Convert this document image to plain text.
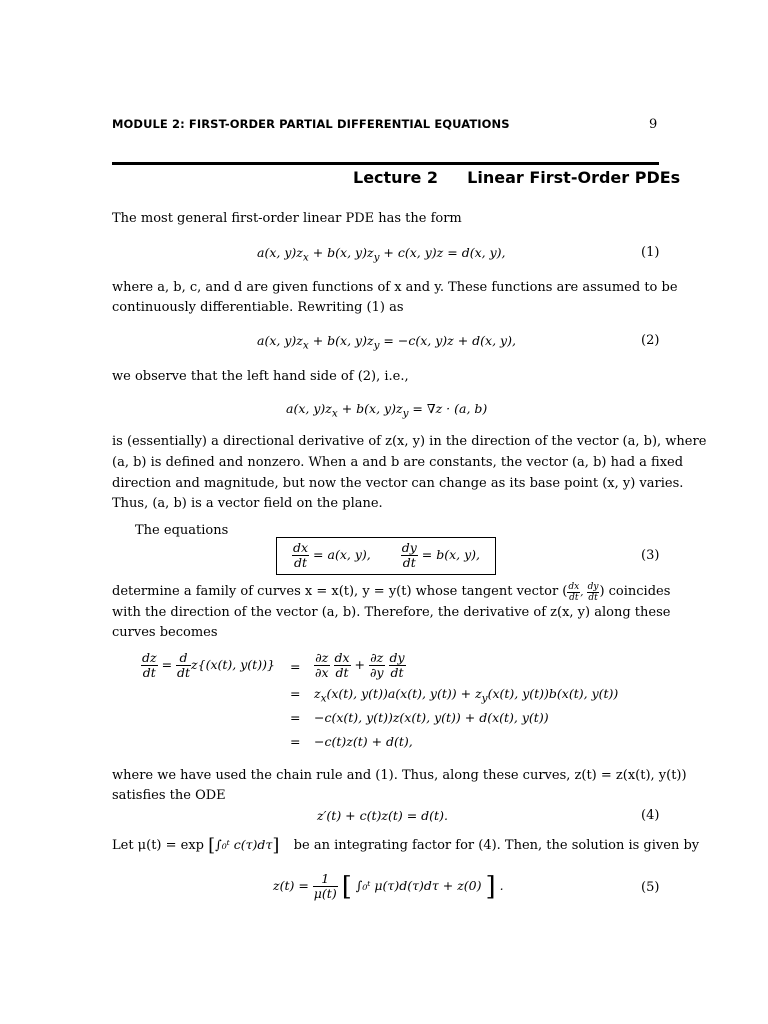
MODULE 2: FIRST-ORDER PARTIAL DIFFERENTIAL EQUATIONS	9
Lecture 2 Linear First-Order PDEs
The most general first-order linear PDE has the form
a(x, $y)z_x + b(x$, $y)z_y + c(x$, y)z = d(x, y),	(1)
where a, b, c, and d are given functions of x and y. These functions are assumed to be
continuously differentiable. Rewriting (1) as
a(x, $y)z_x + b(x$, $y)z_y = -c(x$, y)z + d(x, y),	(2)
we observe that the left hand side of (2), i.e.,
a(x, $y)z_x + b(x$, $y)z_y = \nabla z \cdot (a$, b)
is (essentially) a directional derivative of z(x, y) in the direction of the vector (a, b), where
(a, b) is defined and nonzero. When a and b are constants, the vector (a, b) had a fixed
direction and magnitude, but now the vector can change as its base point (x, y) varies.
Thus, (a, b) is a vector field on the plane.
The equations
$\frac{dx}{dt} = a(x$, y), $\frac{dy}{dt} = b(x$, y),	(3)
determine a family of curves x = x(t), y = y(t) whose tangent vector ( $\frac{dx}{dt}$ , $\frac{dy}{dt}$ ) coincides
with the direction of the vector (a, b). Therefore, the derivative of z(x, y) along these
curves becomes
$\frac{dz}{dt} = \frac{d}{dt} z\{(x(t)$, $y(t))\} = \frac{\partial z}{\partial x}$
$\frac{dx}{dt} + \frac{\partial z}{\partial y}$
$\frac{dy}{dt}$
= $z_x(x(t)$, y(t))a(x(t), $y(t)) + z_y(x(t)$, y(t))b(x(t), y(t))
= −c(x(t), y(t))z(x(t), y(t)) + d(x(t), y(t))
= −c(t)z(t) + d(t),
where we have used the chain rule and (1). Thus, along these curves, z(t) = z(x(t), y(t))
satisfies the ODE
z′(t) + c(t)z(t) = d(t).	(4)
Let μ(t) = exp [∫₀ᵗ c(τ)dτ] be an integrating factor for (4). Then, the solution is given by
$z(t) = \frac{1}{\mu(t)}$ [ ∫₀ᵗ μ(τ)d(τ)dτ + z(0) ] .	(5)
